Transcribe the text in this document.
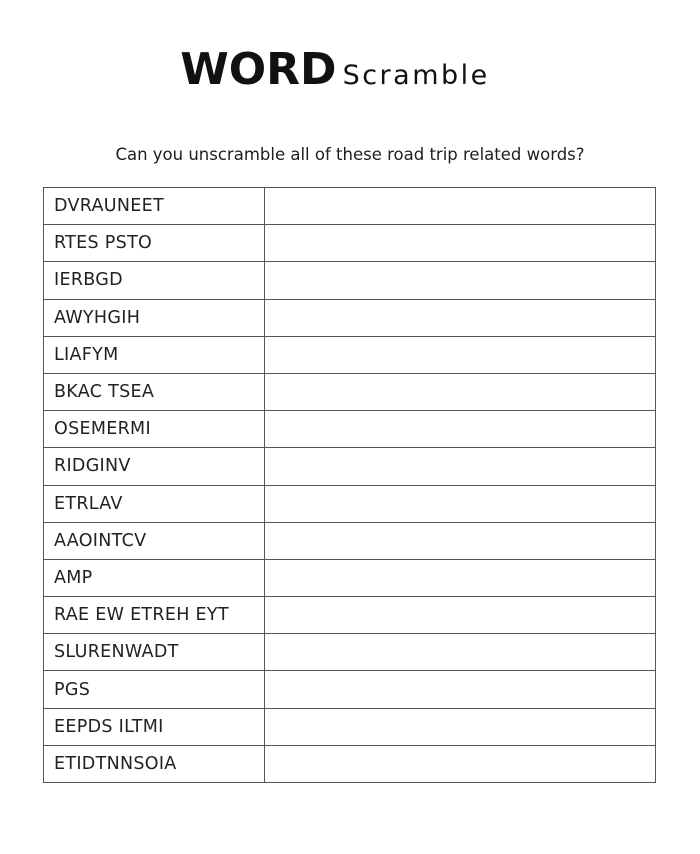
WORD Scramble
Can you unscramble all of these road trip related words?
DVRAUNEET	
RTES PSTO	
IERBGD	
AWYHGIH	
LIAFYM	
BKAC TSEA	
OSEMERMI	
RIDGINV	
ETRLAV	
AAOINTCV	
AMP	
RAE EW ETREH EYT	
SLURENWADT	
PGS	
EEPDS ILTMI	
ETIDTNNSOIA	
